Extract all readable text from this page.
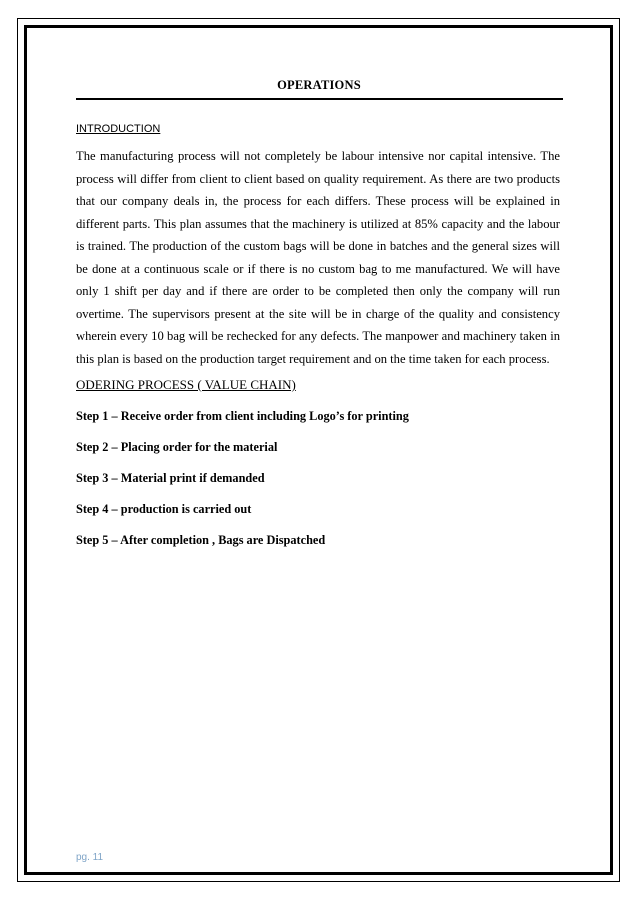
OPERATIONS
INTRODUCTION

The manufacturing process will not completely be labour intensive nor capital intensive. The process will differ from client to client based on quality requirement. As there are two products that our company deals in, the process for each differs. These process will be explained in different parts. This plan assumes that the machinery is utilized at 85% capacity and the labour is trained. The production of the custom bags will be done in batches and the general sizes will be done at a continuous scale or if there is no custom bag to me manufactured. We will have only 1 shift per day and if there are order to be completed then only the company will run overtime. The supervisors present at the site will be in charge of the quality and consistency wherein every 10 bag will be rechecked for any defects. The manpower and machinery taken in this plan is based on the production target requirement and on the time taken for each process.

ODERING PROCESS ( VALUE CHAIN)
Step 1 – Receive order from client including Logo’s for printing
Step 2 – Placing order for the material
Step 3 – Material print if demanded
Step 4 – production is carried out
Step 5 – After completion , Bags are Dispatched
pg. 11
